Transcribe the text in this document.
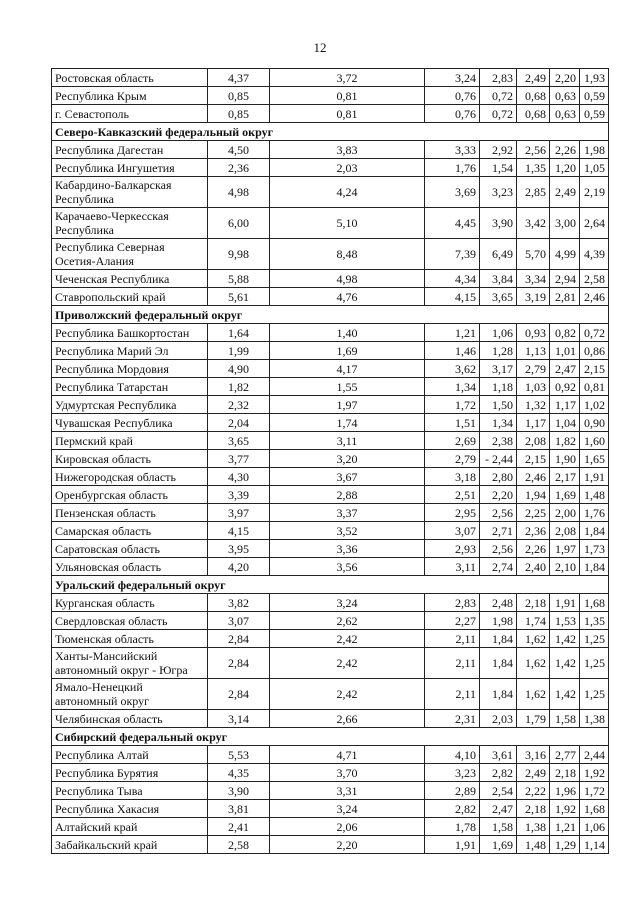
12
Ростовская область	4,37	3,72	3,24	2,83	2,49	2,20	1,93
Республика Крым	0,85	0,81	0,76	0,72	0,68	0,63	0,59
г. Севастополь	0,85	0,81	0,76	0,72	0,68	0,63	0,59
Северо-Кавказский федеральный округ							
Республика Дагестан	4,50	3,83	3,33	2,92	2,56	2,26	1,98
Республика Ингушетия	2,36	2,03	1,76	1,54	1,35	1,20	1,05
Кабардино-Балкарская Республика	4,98	4,24	3,69	3,23	2,85	2,49	2,19
Карачаево-Черкесская Республика	6,00	5,10	4,45	3,90	3,42	3,00	2,64
Республика Северная Осетия-Алания	9,98	8,48	7,39	6,49	5,70	4,99	4,39
Чеченская Республика	5,88	4,98	4,34	3,84	3,34	2,94	2,58
Ставропольский край	5,61	4,76	4,15	3,65	3,19	2,81	2,46
Приволжский федеральный округ							
Республика Башкортостан	1,64	1,40	1,21	1,06	0,93	0,82	0,72
Республика Марий Эл	1,99	1,69	1,46	1,28	1,13	1,01	0,86
Республика Мордовия	4,90	4,17	3,62	3,17	2,79	2,47	2,15
Республика Татарстан	1,82	1,55	1,34	1,18	1,03	0,92	0,81
Удмуртская Республика	2,32	1,97	1,72	1,50	1,32	1,17	1,02
Чувашская Республика	2,04	1,74	1,51	1,34	1,17	1,04	0,90
Пермский край	3,65	3,11	2,69	2,38	2,08	1,82	1,60
Кировская область	3,77	3,20	2,79	- 2,44	2,15	1,90	1,65
Нижегородская область	4,30	3,67	3,18	2,80	2,46	2,17	1,91
Оренбургская область	3,39	2,88	2,51	2,20	1,94	1,69	1,48
Пензенская область	3,97	3,37	2,95	2,56	2,25	2,00	1,76
Самарская область	4,15	3,52	3,07	2,71	2,36	2,08	1,84
Саратовская область	3,95	3,36	2,93	2,56	2,26	1,97	1,73
Ульяновская область	4,20	3,56	3,11	2,74	2,40	2,10	1,84
Уральский федеральный округ							
Курганская область	3,82	3,24	2,83	2,48	2,18	1,91	1,68
Свердловская область	3,07	2,62	2,27	1,98	1,74	1,53	1,35
Тюменская область	2,84	2,42	2,11	1,84	1,62	1,42	1,25
Ханты-Мансийский автономный округ - Югра	2,84	2,42	2,11	1,84	1,62	1,42	1,25
Ямало-Ненецкий автономный округ	2,84	2,42	2,11	1,84	1,62	1,42	1,25
Челябинская область	3,14	2,66	2,31	2,03	1,79	1,58	1,38
Сибирский федеральный округ							
Республика Алтай	5,53	4,71	4,10	3,61	3,16	2,77	2,44
Республика Бурятия	4,35	3,70	3,23	2,82	2,49	2,18	1,92
Республика Тыва	3,90	3,31	2,89	2,54	2,22	1,96	1,72
Республика Хакасия	3,81	3,24	2,82	2,47	2,18	1,92	1,68
Алтайский край	2,41	2,06	1,78	1,58	1,38	1,21	1,06
Забайкальский край	2,58	2,20	1,91	1,69	1,48	1,29	1,14
